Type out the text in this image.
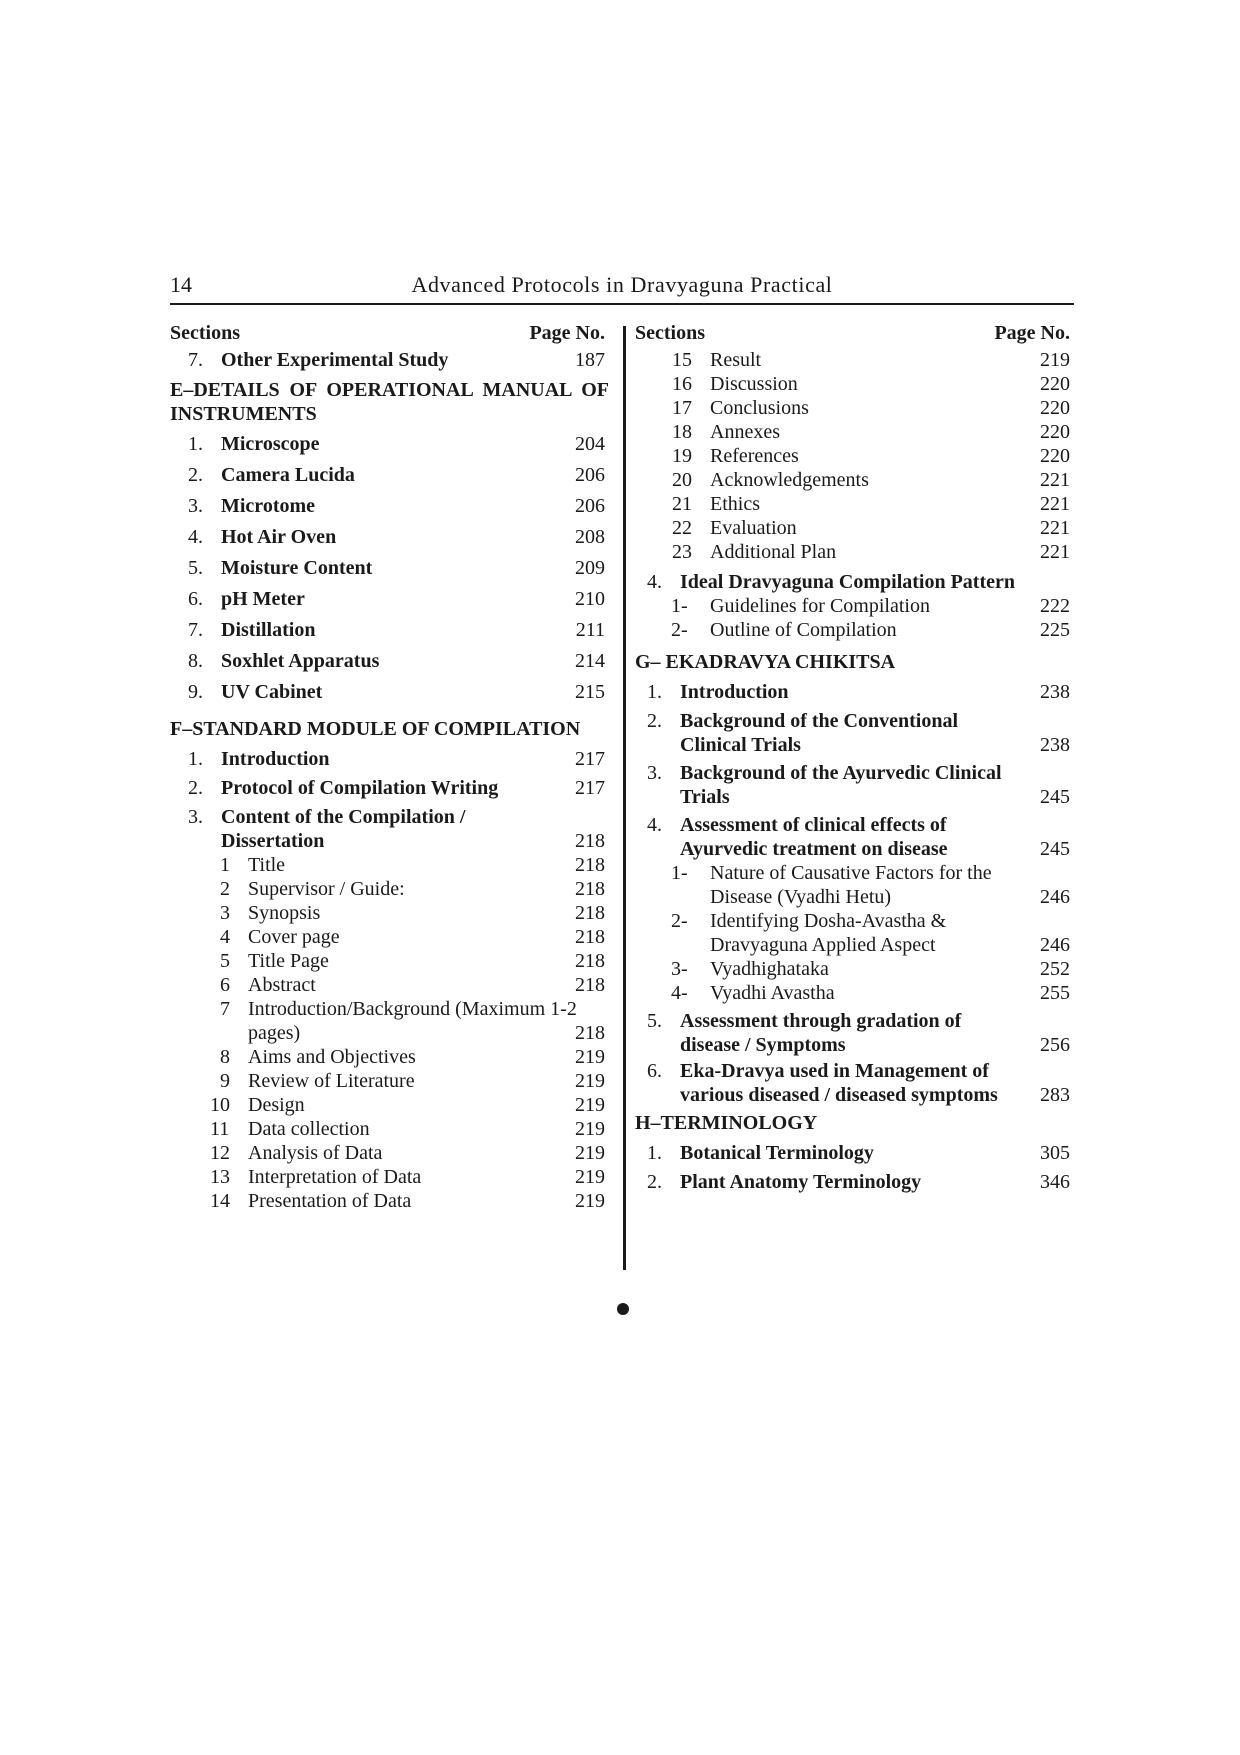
14	Advanced Protocols in Dravyaguna Practical
Sections	Page No.
7. Other Experimental Study	187
E–DETAILS OF OPERATIONAL MANUAL OF INSTRUMENTS
1. Microscope	204
2. Camera Lucida	206
3. Microtome	206
4. Hot Air Oven	208
5. Moisture Content	209
6. pH Meter	210
7. Distillation	211
8. Soxhlet Apparatus	214
9. UV Cabinet	215
F–STANDARD MODULE OF COMPILATION
1. Introduction	217
2. Protocol of Compilation Writing	217
3. Content of the Compilation / Dissertation	218
1 Title	218
2 Supervisor / Guide:	218
3 Synopsis	218
4 Cover page	218
5 Title Page	218
6 Abstract	218
7 Introduction/Background (Maximum 1-2 pages)	218
8 Aims and Objectives	219
9 Review of Literature	219
10 Design	219
11 Data collection	219
12 Analysis of Data	219
13 Interpretation of Data	219
14 Presentation of Data	219
Sections	Page No.
15 Result	219
16 Discussion	220
17 Conclusions	220
18 Annexes	220
19 References	220
20 Acknowledgements	221
21 Ethics	221
22 Evaluation	221
23 Additional Plan	221
4. Ideal Dravyaguna Compilation Pattern
1- Guidelines for Compilation	222
2- Outline of Compilation	225
G– EKADRAVYA CHIKITSA
1. Introduction	238
2. Background of the Conventional Clinical Trials	238
3. Background of the Ayurvedic Clinical Trials	245
4. Assessment of clinical effects of Ayurvedic treatment on disease	245
1- Nature of Causative Factors for the Disease (Vyadhi Hetu)	246
2- Identifying Dosha-Avastha & Dravyaguna Applied Aspect	246
3- Vyadhighataka	252
4- Vyadhi Avastha	255
5. Assessment through gradation of disease / Symptoms	256
6. Eka-Dravya used in Management of various diseased / diseased symptoms	283
H–TERMINOLOGY
1. Botanical Terminology	305
2. Plant Anatomy Terminology	346
